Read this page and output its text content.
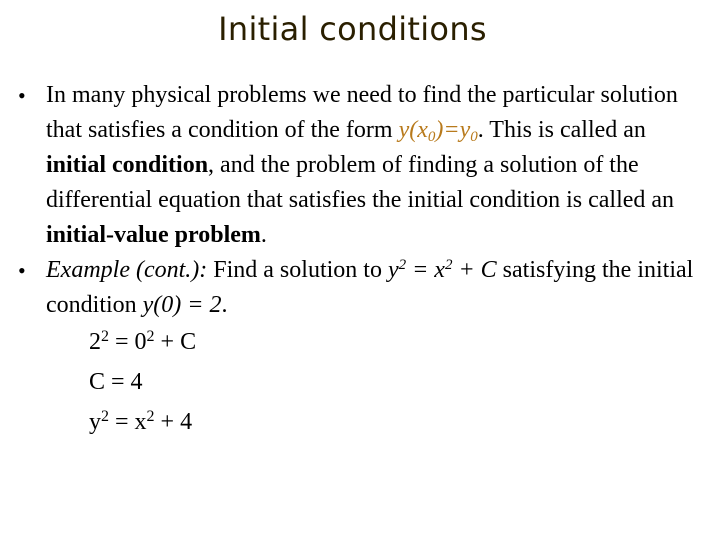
Initial conditions
• In many physical problems we need to find the particular solution that satisfies a condition of the form $y(x_0)=y_0$. This is called an initial condition, and the problem of finding a solution of the differential equation that satisfies the initial condition is called an initial-value problem.
• Example (cont.): Find a solution to $y^2 = x^2 + C$ satisfying the initial condition y(0) = 2.
$2^2 = 0^2 + C$
C = 4
$y^2 = x^2 + 4$
